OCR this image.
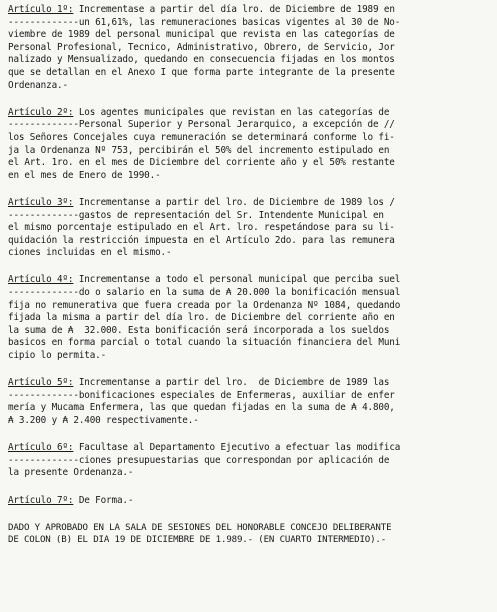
Artículo 1º: Incrementase a partir del día lro. de Diciembre de 1989 en
-------------un 61,61%, las remuneraciones basicas vigentes al 30 de No-
viembre de 1989 del personal municipal que revista en las categorías de
Personal Profesional, Tecnico, Administrativo, Obrero, de Servicio, Jor
nalizado y Mensualizado, quedando en consecuencia fijadas en los montos
que se detallan en el Anexo I que forma parte integrante de la presente
Ordenanza.-
Artículo 2º: Los agentes municipales que revistan en las categorías de
-------------Personal Superior y Personal Jerarquico, a excepción de //
los Señores Concejales cuya remuneración se determinará conforme lo fi-
ja la Ordenanza Nº 753, percibirán el 50% del incremento estipulado en
el Art. 1ro. en el mes de Diciembre del corriente año y el 50% restante
en el mes de Enero de 1990.-
Artículo 3º: Incrementanse a partir del lro. de Diciembre de 1989 los /
-------------gastos de representación del Sr. Intendente Municipal en
el mismo porcentaje estipulado en el Art. lro. respetándose para su li-
quidación la restricción impuesta en el Artículo 2do. para las remunera
ciones incluidas en el mismo.-
Artículo 4º: Incrementanse a todo el personal municipal que perciba suel
-------------do o salario en la suma de ₳ 20.000 la bonificación mensual
fija no remunerativa que fuera creada por la Ordenanza Nº 1084, quedando
fijada la misma a partir del día lro. de Diciembre del corriente año en
la suma de ₳  32.000. Esta bonificación será incorporada a los sueldos
basicos en forma parcial o total cuando la situación financiera del Muni
cipio lo permita.-
Artículo 5º: Incrementanse a partir del lro.  de Diciembre de 1989 las
-------------bonificaciones especiales de Enfermeras, auxiliar de enfer
mería y Mucama Enfermera, las que quedan fijadas en la suma de ₳ 4.800,
₳ 3.200 y ₳ 2.400 respectivamente.-
Artículo 6º: Facultase al Departamento Ejecutivo a efectuar las modifica
-------------ciones presupuestarias que correspondan por aplicación de
la presente Ordenanza.-
Artículo 7º: De Forma.-
DADO Y APROBADO EN LA SALA DE SESIONES DEL HONORABLE CONCEJO DELIBERANTE
DE COLON (B) EL DIA 19 DE DICIEMBRE DE 1.989.- (EN CUARTO INTERMEDIO).-
